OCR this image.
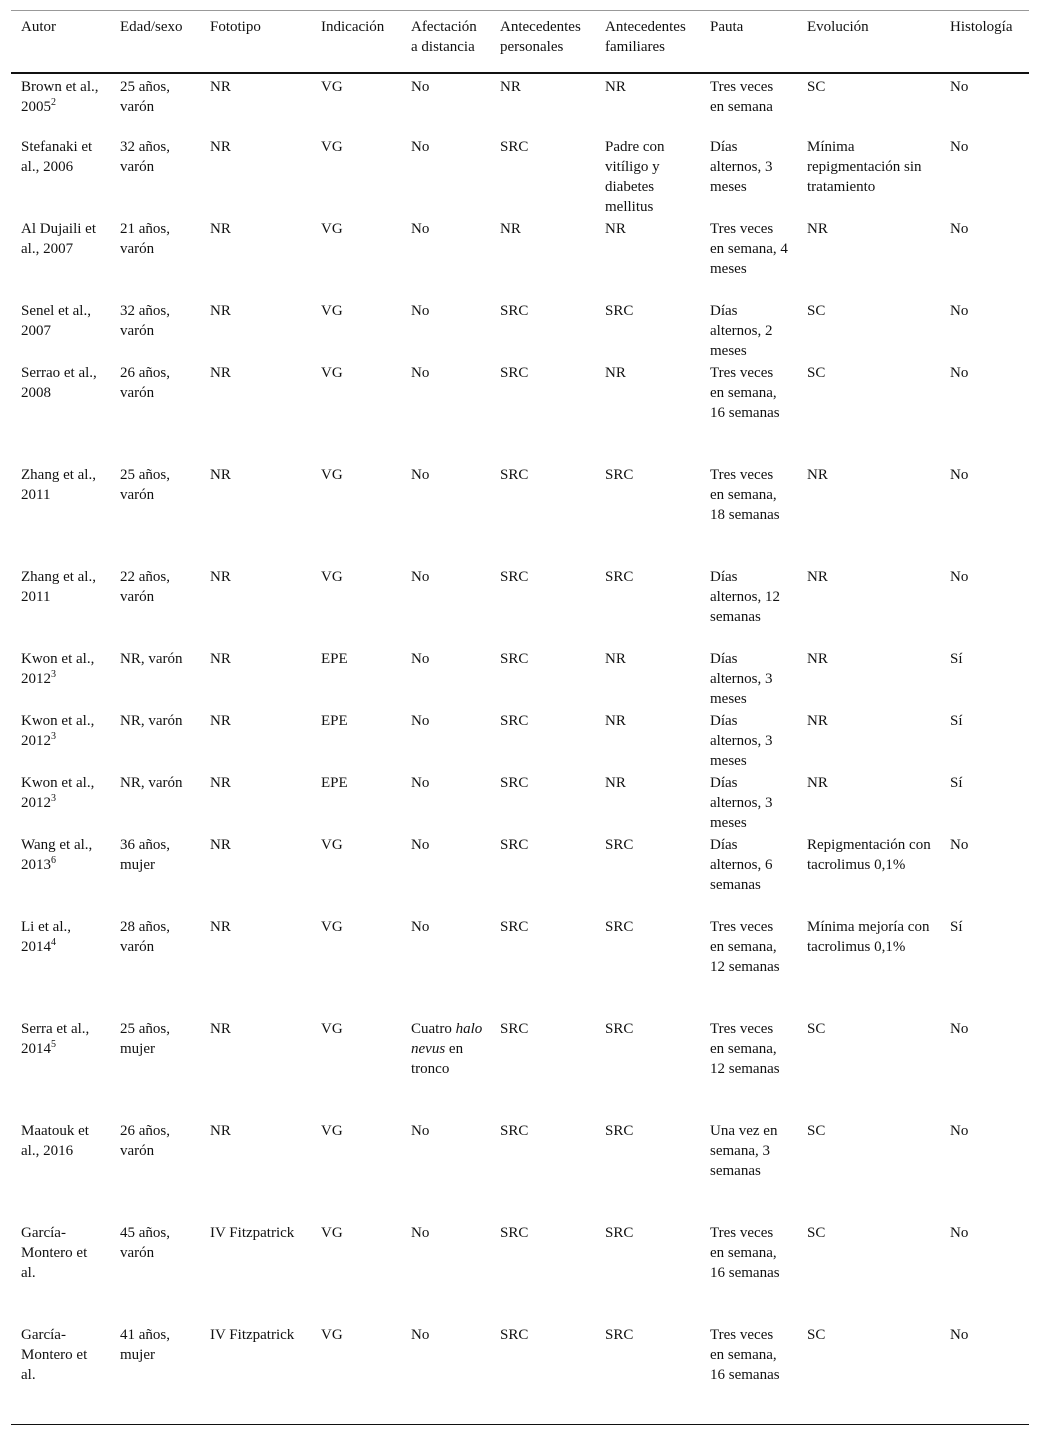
Autor	Edad/sexo	Fototipo	Indicación	Afectación a distancia	Antecedentes personales	Antecedentes familiares	Pauta	Evolución	Histología
Brown et al., 2005$^2$	25 años, varón	NR	VG	No	NR	NR	Tres veces en semana	SC	No
Stefanaki et al., 2006	32 años, varón	NR	VG	No	SRC	Padre con vitíligo y diabetes mellitus	Días alternos, 3 meses	Mínima repigmentación sin tratamiento	No
Al Dujaili et al., 2007	21 años, varón	NR	VG	No	NR	NR	Tres veces en semana, 4 meses	NR	No
Senel et al., 2007	32 años, varón	NR	VG	No	SRC	SRC	Días alternos, 2 meses	SC	No
Serrao et al., 2008	26 años, varón	NR	VG	No	SRC	NR	Tres veces en semana, 16 semanas	SC	No
Zhang et al., 2011	25 años, varón	NR	VG	No	SRC	SRC	Tres veces en semana, 18 semanas	NR	No
Zhang et al., 2011	22 años, varón	NR	VG	No	SRC	SRC	Días alternos, 12 semanas	NR	No
Kwon et al., 2012$^3$	NR, varón	NR	EPE	No	SRC	NR	Días alternos, 3 meses	NR	Sí
Kwon et al., 2012$^3$	NR, varón	NR	EPE	No	SRC	NR	Días alternos, 3 meses	NR	Sí
Kwon et al., 2012$^3$	NR, varón	NR	EPE	No	SRC	NR	Días alternos, 3 meses	NR	Sí
Wang et al., 2013$^6$	36 años, mujer	NR	VG	No	SRC	SRC	Días alternos, 6 semanas	Repigmentación con tacrolimus 0,1%	No
Li et al., 2014$^4$	28 años, varón	NR	VG	No	SRC	SRC	Tres veces en semana, 12 semanas	Mínima mejoría con tacrolimus 0,1%	Sí
Serra et al., 2014$^5$	25 años, mujer	NR	VG	Cuatro halo nevus en tronco	SRC	SRC	Tres veces en semana, 12 semanas	SC	No
Maatouk et al., 2016	26 años, varón	NR	VG	No	SRC	SRC	Una vez en semana, 3 semanas	SC	No
García-Montero et al.	45 años, varón	IV Fitzpatrick	VG	No	SRC	SRC	Tres veces en semana, 16 semanas	SC	No
García-Montero et al.	41 años, mujer	IV Fitzpatrick	VG	No	SRC	SRC	Tres veces en semana, 16 semanas	SC	No
